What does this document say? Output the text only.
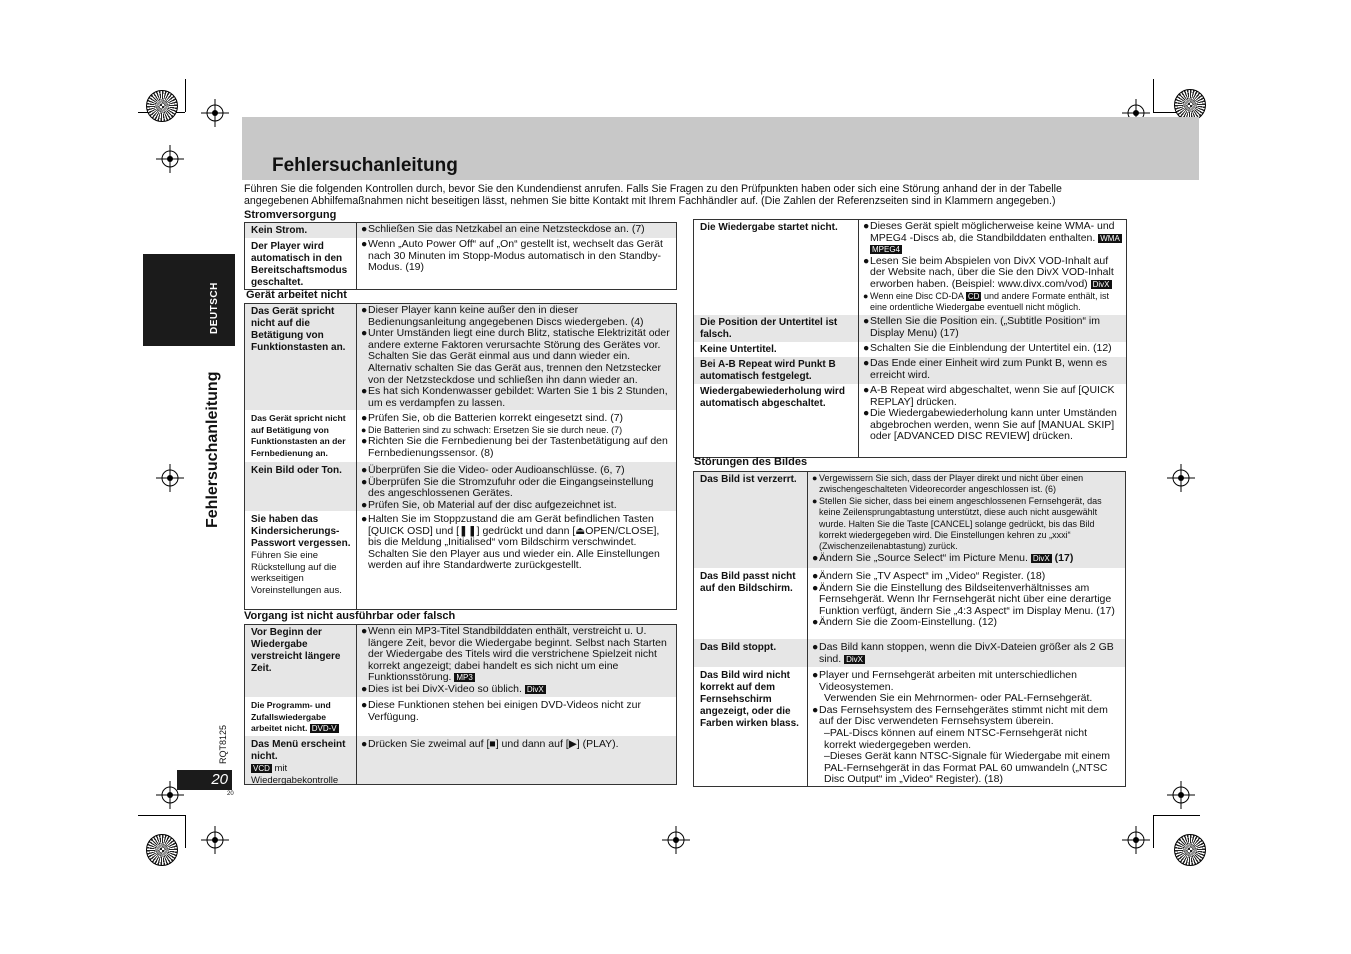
Fehlersuchanleitung
Führen Sie die folgenden Kontrollen durch, bevor Sie den Kundendienst anrufen. Falls Sie Fragen zu den Prüfpunkten haben oder sich eine Störung anhand der in der Tabelle angegebenen Abhilfemaßnahmen nicht beseitigen lässt, nehmen Sie bitte Kontakt mit Ihrem Fachhändler auf. (Die Zahlen der Referenzseiten sind in Klammern angegeben.)
DEUTSCH
Fehlersuchanleitung
RQT8125
20
20
Stromversorgung
Kein Strom.	● Schließen Sie das Netzkabel an eine Netzsteckdose an. (7)
Der Player wird automatisch in den Bereitschaftsmodus geschaltet.
● Wenn „Auto Power Off“ auf „On“ gestellt ist, wechselt das Gerät nach 30 Minuten im Stopp-Modus automatisch in den Standby-Modus. (19)
Gerät arbeitet nicht
Das Gerät spricht nicht auf die Betätigung von Funktionstasten an.
● Dieser Player kann keine außer den in dieser Bedienungsanleitung angegebenen Discs wiedergeben. (4)
● Unter Umständen liegt eine durch Blitz, statische Elektrizität oder andere externe Faktoren verursachte Störung des Gerätes vor. Schalten Sie das Gerät einmal aus und dann wieder ein. Alternativ schalten Sie das Gerät aus, trennen den Netzstecker von der Netzsteckdose und schließen ihn dann wieder an.
● Es hat sich Kondenwasser gebildet: Warten Sie 1 bis 2 Stunden, um es verdampfen zu lassen.
Das Gerät spricht nicht auf Betätigung von Funktionstasten an der Fernbedienung an.
● Prüfen Sie, ob die Batterien korrekt eingesetzt sind. (7)
● Die Batterien sind zu schwach: Ersetzen Sie sie durch neue. (7)
● Richten Sie die Fernbedienung bei der Tastenbetätigung auf den Fernbedienungssensor. (8)
Kein Bild oder Ton.	● Überprüfen Sie die Video- oder Audioanschlüsse. (6, 7)
● Überprüfen Sie die Stromzufuhr oder die Eingangseinstellung des angeschlossenen Gerätes.
● Prüfen Sie, ob Material auf der disc aufgezeichnet ist.
Sie haben das Kindersicherungs-Passwort vergessen.
Führen Sie eine Rückstellung auf die werkseitigen Voreinstellungen aus.
● Halten Sie im Stoppzustand die am Gerät befindlichen Tasten [QUICK OSD] und [❚❚] gedrückt und dann [⏏OPEN/CLOSE], bis die Meldung „Initialised“ vom Bildschirm verschwindet. Schalten Sie den Player aus und wieder ein. Alle Einstellungen werden auf ihre Standardwerte zurückgestellt.
Vorgang ist nicht ausführbar oder falsch
Vor Beginn der Wiedergabe verstreicht längere Zeit.
● Wenn ein MP3-Titel Standbilddaten enthält, verstreicht u. U. längere Zeit, bevor die Wiedergabe beginnt. Selbst nach Starten der Wiedergabe des Titels wird die verstrichene Spielzeit nicht korrekt angezeigt; dabei handelt es sich nicht um eine Funktionsstörung. MP3
● Dies ist bei DivX-Video so üblich. DivX
Die Programm- und Zufallswiedergabe arbeitet nicht. DVD-V
● Diese Funktionen stehen bei einigen DVD-Videos nicht zur Verfügung.
Das Menü erscheint nicht.
VCD mit Wiedergabekontrolle
● Drücken Sie zweimal auf [■] und dann auf [▶] (PLAY).
Die Wiedergabe startet nicht.	● Dieses Gerät spielt möglicherweise keine WMA- und MPEG4 -Discs ab, die Standbilddaten enthalten. WMA MPEG4
● Lesen Sie beim Abspielen von DivX VOD-Inhalt auf der Website nach, über die Sie den DivX VOD-Inhalt erworben haben. (Beispiel: www.divx.com/vod) DivX
● Wenn eine Disc CD-DA CD und andere Formate enthält, ist eine ordentliche Wiedergabe eventuell nicht möglich.
Die Position der Untertitel ist falsch.
● Stellen Sie die Position ein. („Subtitle Position“ im Display Menu) (17)
Keine Untertitel.	● Schalten Sie die Einblendung der Untertitel ein. (12)
Bei A-B Repeat wird Punkt B automatisch festgelegt.
● Das Ende einer Einheit wird zum Punkt B, wenn es erreicht wird.
Wiedergabewiederholung wird automatisch abgeschaltet.
● A-B Repeat wird abgeschaltet, wenn Sie auf [QUICK REPLAY] drücken.
● Die Wiedergabewiederholung kann unter Umständen abgebrochen werden, wenn Sie auf [MANUAL SKIP] oder [ADVANCED DISC REVIEW] drücken.
Störungen des Bildes
Das Bild ist verzerrt.	● Vergewissern Sie sich, dass der Player direkt und nicht über einen zwischengeschalteten Videorecorder angeschlossen ist. (6)
● Stellen Sie sicher, dass bei einem angeschlossenen Fernsehgerät, das keine Zeilensprungabtastung unterstützt, diese auch nicht ausgewählt wurde. Halten Sie die Taste [CANCEL] solange gedrückt, bis das Bild korrekt wiedergegeben wird. Die Einstellungen kehren zu „xxxi“ (Zwischenzeilenabtastung) zurück.
● Ändern Sie „Source Select“ im Picture Menu. DivX (17)
Das Bild passt nicht auf den Bildschirm.
● Ändern Sie „TV Aspect“ im „Video“ Register. (18)
● Ändern Sie die Einstellung des Bildseitenverhältnisses am Fernsehgerät. Wenn Ihr Fernsehgerät nicht über eine derartige Funktion verfügt, ändern Sie „4:3 Aspect“ im Display Menu. (17)
● Ändern Sie die Zoom-Einstellung. (12)
Das Bild stoppt.	● Das Bild kann stoppen, wenn die DivX-Dateien größer als 2 GB sind. DivX
Das Bild wird nicht korrekt auf dem Fernsehschirm angezeigt, oder die Farben wirken blass.
● Player und Fernsehgerät arbeiten mit unterschiedlichen Videosystemen.
Verwenden Sie ein Mehrnormen- oder PAL-Fernsehgerät.
● Das Fernsehsystem des Fernsehgerätes stimmt nicht mit dem auf der Disc verwendeten Fernsehsystem überein.
–PAL-Discs können auf einem NTSC-Fernsehgerät nicht korrekt wiedergegeben werden.
–Dieses Gerät kann NTSC-Signale für Wiedergabe mit einem PAL-Fernsehgerät in das Format PAL 60 umwandeln („NTSC Disc Output“ im „Video“ Register). (18)
